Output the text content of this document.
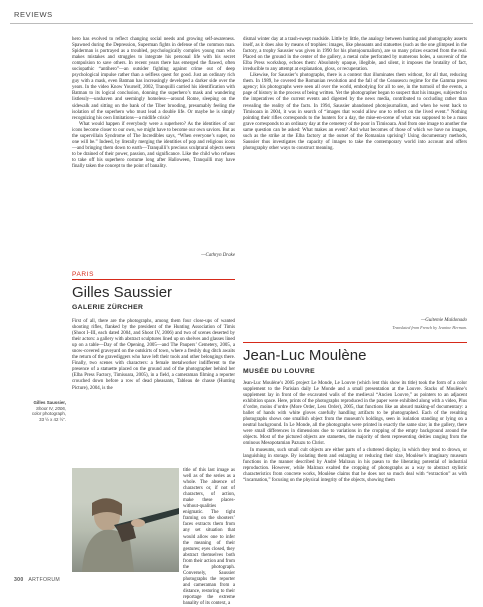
REVIEWS

hero has evolved to reflect changing social needs and growing self-awareness. Spawned during the Depression, Superman fights in defense of the common man. Spiderman is portrayed as a troubled, psychologically complex young man who makes mistakes and struggles to integrate his personal life with his secret compulsion to save others. In recent years there has emerged the flawed, often sociopathic “antihero”—an outsider fighting against crime out of deep psychological impulse rather than a selfless quest for good. Just an ordinary rich guy with a mask, even Batman has increasingly developed a darker side over the years. In the video Know Yourself, 2002, Tranquilli carried his identification with Batman to its logical conclusion, donning the superhero’s mask and wandering listlessly—unshaven and seemingly homeless—around Rome, sleeping on the sidewalk and sitting on the bank of the Tiber brooding, presumably feeling the isolation of the superhero who must lead a double life. Or maybe he is simply recognizing his own limitations—a midlife crisis?

What would happen if everybody were a superhero? As the identities of our icons become closer to our own, we might have to become our own saviors. But as the supervillain Syndrome of The Incredibles says, “When everyone’s super, no one will be.” Indeed, by literally merging the identities of pop and religious icons—and bringing them down to earth—Tranquilli’s precious sculptural objects seem to be drained of their power, passion, and significance. Like the child who refuses to take off his superhero costume long after Halloween, Tranquilli may have finally taken the concept to the point of banality.

—Cathryn Drake
PARIS
Gilles Saussier
GALERIE ZÜRCHER

First of all, there are the photographs, among them four close-ups of wanted shooting rifles, flanked by the president of the Hunting Association of Timis (Shoot I–III, each dated 2004, and Shoot IV, 2006) and two of scenes deserted by their actors: a gallery with abstract sculptures lined up on shelves and glasses lined up on a table—Day of the Opening, 2005—and The Paupers’ Cemetery, 2005, a snow-covered graveyard on the outskirts of town, where a freshly dug ditch awaits the return of the gravediggers who have left their tools and other belongings there. Finally, two scenes with characters: a female metalworker indifferent to the presence of a statuette placed on the ground and of the photographer behind her (Elba Press Factory, Timisoara, 2005), in a field, a cameraman filming a reporter crouched down before a row of dead pheasants, Tableau de chasse (Hunting Picture), 2004, is the

Gilles Saussier,
Shoot IV, 2006,
color photograph,
33 ½ x 42 ½”.

title of this last image as well as of the series as a whole. The absence of characters or, if not of characters, of action, make these places-without-qualities enigmatic. The tight framing on the shooters’ faces extracts them from any set situation that would allow one to infer the meaning of their gestures; eyes closed, they abstract themselves both from their action and from the photograph. Conversely, Saussier photographs the reporter and cameraman from a distance, restoring to their reportage the extreme banality of its context, a

dismal winter day at a trash-swept roadside. Little by little, the analogy between hunting and photography asserts itself, as it does also by means of trophies: images, like pheasants and statuettes (such as the one glimpsed in the factory, a trophy Saussier was given in 1990 for his photojournalism), are so many prizes exacted from the real. Placed on the ground in the center of the gallery, a metal cube perforated by numerous holes, a souvenir of the Elba Press workshop, echoes them: Absolutely opaque, illegible, and silent, it imposes the brutality of fact, irreducible to any attempt at explanation, gloss, or recuperation.

Likewise, for Saussier’s photographs, there is a context that illuminates them without, for all that, reducing them. In 1989, he covered the Romanian revolution and the fall of the Ceausescu regime for the Gamma press agency; his photographs were seen all over the world, embodying for all to see, in the turmoil of the events, a page of history in the process of being written. Yet the photographer began to suspect that his images, subjected to the imperatives of the current events and digested by the news media, contributed to occluding rather than revealing the reality of the facts. In 1994, Saussier abandoned photojournalism, and when he went back to Timisoara in 2004, it was in search of “images that would allow one to reflect on the lived event.” Nothing pointing their rifles corresponds to the hunters for a day, the mise-en-scene of what was supposed to be a mass grave corresponds to an ordinary day at the cemetery of the poor in Timisoara. And from one image to another the same question can be asked: What makes an event? And what becomes of those of which we have no images, such as the strike at the Elba factory at the outset of the Romanian uprising? Using documentary methods, Saussier thus investigates the capacity of images to take the contemporary world into account and offers photography other ways to construct meaning.

—Guitemie Maldonado
Translated from French by Jeanine Herman.
Jean-Luc Moulène
MUSÉE DU LOUVRE

Jean-Luc Moulène’s 2005 project Le Monde, Le Louvre (which lent this show its title) took the form of a color supplement to the Parisian daily Le Monde and a small presentation at the Louvre. Stacks of Moulène’s supplement lay in front of the excavated walls of the medieval “Ancien Louvre,” as pointers to an adjacent exhibition space. Here, prints of the photographs reproduced in the paper were exhibited along with a video, Plus d’ordre, moins d’ordre (More Order, Less Order), 2005, that functions like an absurd making-of documentary: a ballet of hands with white gloves carefully handling artifacts to be photographed. Each of the resulting photographs shows one smallish object from the museum’s holdings, seen in isolation standing or lying on a neutral background. In Le Monde, all the photographs were printed in exactly the same size; in the gallery, there were small differences in dimensions due to variations in the cropping of the empty background around the objects. Most of the pictured objects are statuettes, the majority of them representing deities ranging from the ominous Mesopotamian Pazuzu to Christ.

In museums, such small cult objects are either parts of a cluttered display, in which they tend to drown, or languishing in storage. By isolating them and enlarging or reducing their size, Moulène’s imaginary museum functions in the manner described by André Malraux in his paean to the liberating potential of industrial reproduction. However, while Malraux exalted the cropping of photographs as a way to abstract stylistic characteristics from concrete works, Moulène claims that he does not so much deal with “extraction” as with “incarnation,” focusing on the physical integrity of the objects, showing them

300 ARTFORUM
